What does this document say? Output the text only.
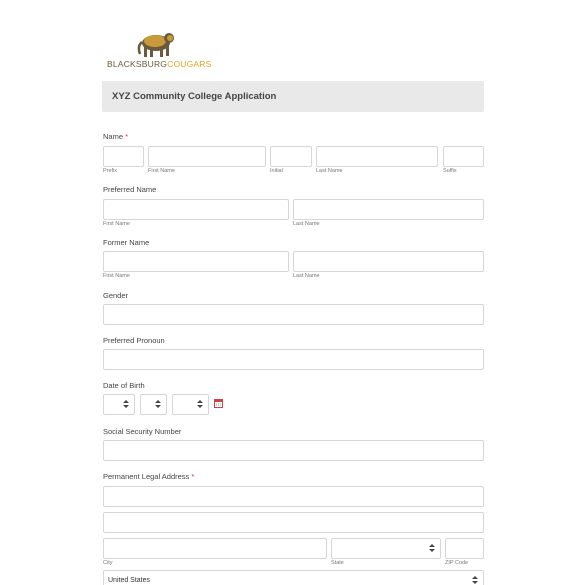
BLACKSBURGCOUGARS
XYZ Community College Application
Name *
Prefix	First Name	Initial	Last Name	Suffix
Preferred Name
First Name	Last Name
Former Name
First Name	Last Name
Gender
Preferred Pronoun
Date of Birth
Social Security Number
Permanent Legal Address *
City	State	ZIP Code
United States
